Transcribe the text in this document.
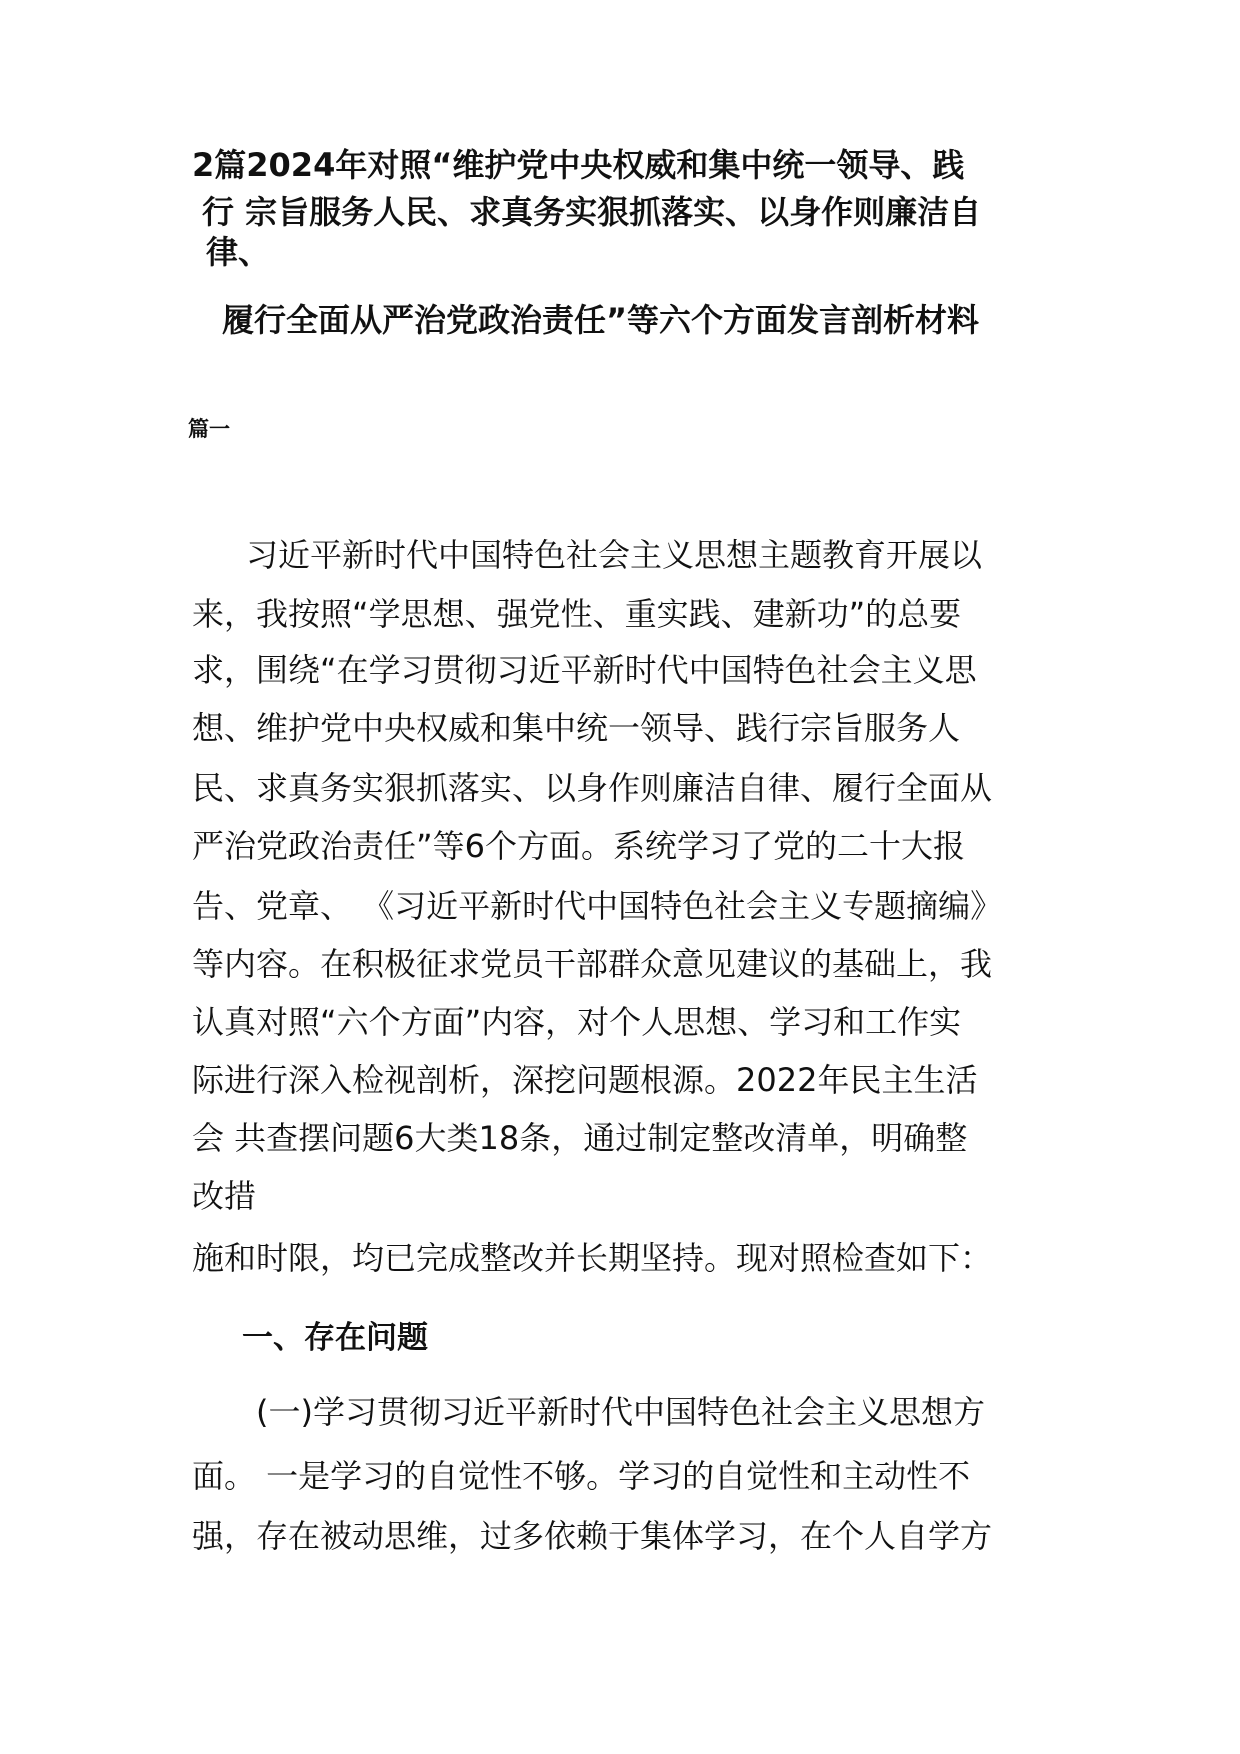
2篇2024年对照“维护党中央权威和集中统一领导、践
行 宗旨服务人民、求真务实狠抓落实、以身作则廉洁自
律、
履行全面从严治党政治责任”等六个方面发言剖析材料
篇一
习近平新时代中国特色社会主义思想主题教育开展以
来，我按照“学思想、强党性、重实践、建新功”的总要
求，围绕“在学习贯彻习近平新时代中国特色社会主义思
想、维护党中央权威和集中统一领导、践行宗旨服务人
民、求真务实狠抓落实、以身作则廉洁自律、履行全面从
严治党政治责任”等6个方面。系统学习了党的二十大报
告、党章、 《习近平新时代中国特色社会主义专题摘编》
等内容。在积极征求党员干部群众意见建议的基础上，我
认真对照“六个方面”内容，对个人思想、学习和工作实
际进行深入检视剖析，深挖问题根源。2022年民主生活
会 共查摆问题6大类18条，通过制定整改清单，明确整
改措
施和时限，均已完成整改并长期坚持。现对照检查如下：
一、存在问题
(一)学习贯彻习近平新时代中国特色社会主义思想方
面。 一是学习的自觉性不够。学习的自觉性和主动性不
强，存在被动思维，过多依赖于集体学习，在个人自学方
